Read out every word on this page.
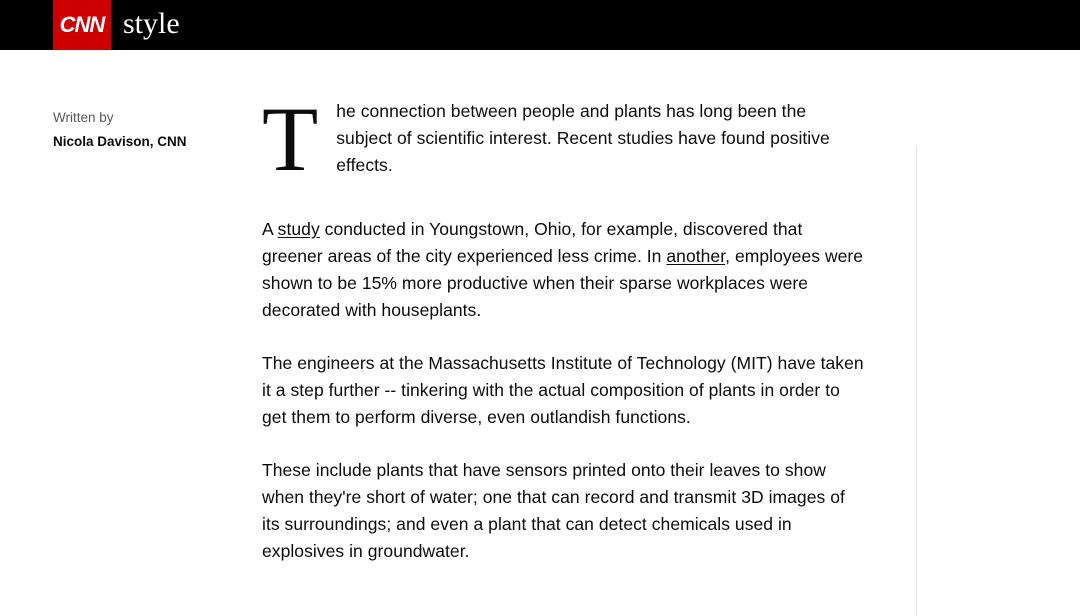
CNN style
Written by
Nicola Davison, CNN T	he connection between people and plants has long been the subject of scientific interest. Recent studies have found positive effects.

A study conducted in Youngstown, Ohio, for example, discovered that greener areas of the city experienced less crime. In another, employees were shown to be 15% more productive when their sparse workplaces were decorated with houseplants.

The engineers at the Massachusetts Institute of Technology (MIT) have taken it a step further -- tinkering with the actual composition of plants in order to get them to perform diverse, even outlandish functions.

These include plants that have sensors printed onto their leaves to show when they're short of water; one that can record and transmit 3D images of its surroundings; and even a plant that can detect chemicals used in explosives in groundwater.
